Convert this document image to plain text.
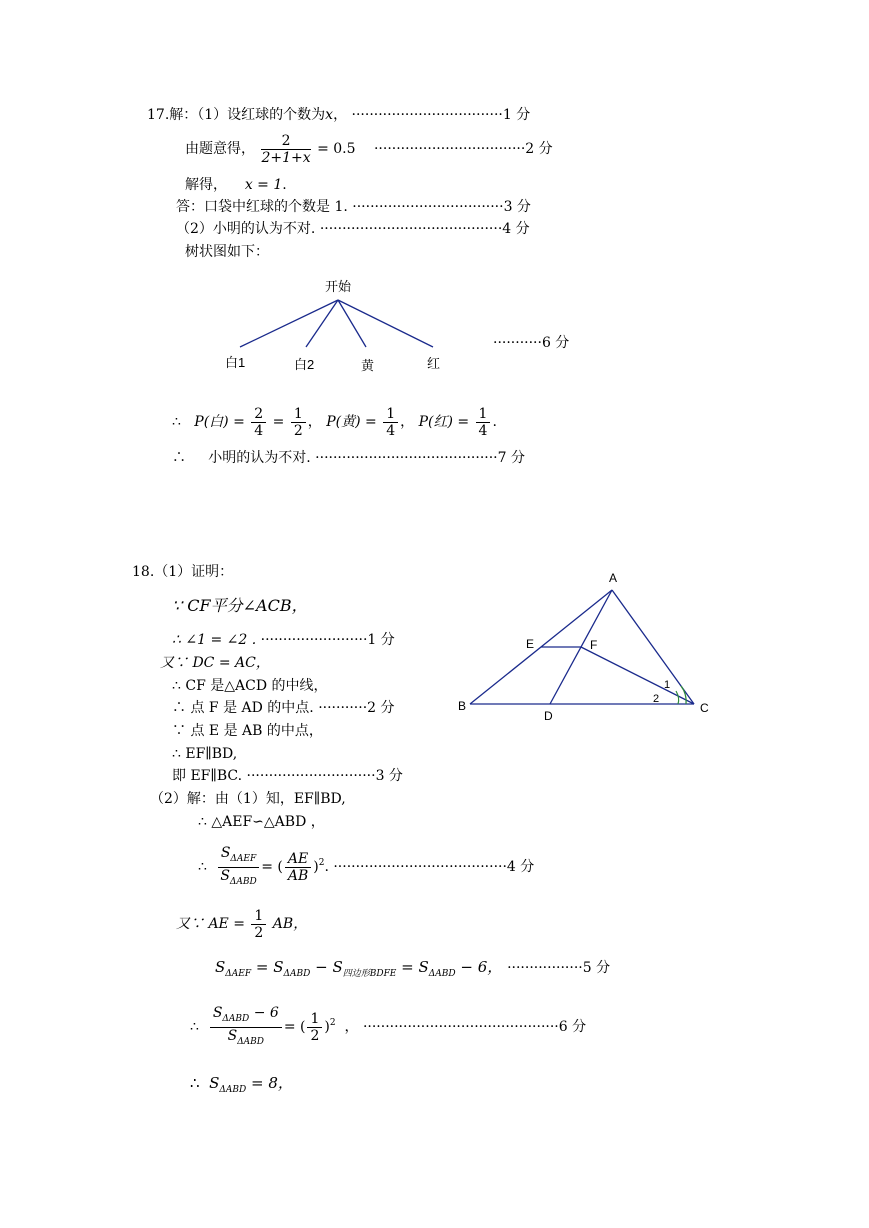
17.解：（1）设红球的个数为x， ··································1 分
由题意得， $\frac{2}{2+1+x} = 0.5 \cdot\cdot\cdot\cdot\cdot\cdot\cdot\cdot\cdot\cdot\cdot\cdot\cdot\cdot\cdot\cdot\cdot\cdot\cdot\cdot\cdot\cdot\cdot\cdot\cdot\cdot\cdot\cdot\cdot\cdot\cdot\cdot\cdot\cdot 2$ 分
解得， x = 1.
答：口袋中红球的个数是 1. ··································3 分
（2）小明的认为不对. ·········································4 分
树状图如下：
开始
白1	白2	黄	红
···········6 分
∴ P(白) = $\frac{2}{4} = \frac{1}{2}$ ， P(黄) = $\frac{1}{4}$ ， P(红) = $\frac{1}{4}$ .
∴ 小明的认为不对. ·········································7 分
18.（1）证明：
∵ CF平分∠ACB，
∴ ∠1 = ∠2 . ························1 分
又∵ DC = AC，
∴ CF 是△ACD 的中线，
∴ 点 F 是 AD 的中点. ···········2 分
∵ 点 E 是 AB 的中点，
∴ EF∥BD,
即 EF∥BC. ·····························3 分
A
B	C
D
E	F
1
2
（2）解：由（1）知，EF∥BD,
∴ △AEF∽△ABD ，
∴ $\frac{S_{\Delta AEF}}{S_{\Delta ABD}}$ = ( $\frac{AE}{AB} )^2$. ·······································4 分
又∵ AE = $\frac{1}{2}$ AB，
$S_{\Delta AEF} = S_{\Delta ABD} - S_{四边形BDFE} = S_{\Delta ABD} - 6$， ·················5 分
∴ $\frac{S_{\Delta ABD} - 6}{S_{\Delta ABD}}$ = ( $\frac{1}{2} )^2$ ， ············································6 分
∴ $S_{\Delta ABD} = 8$，
